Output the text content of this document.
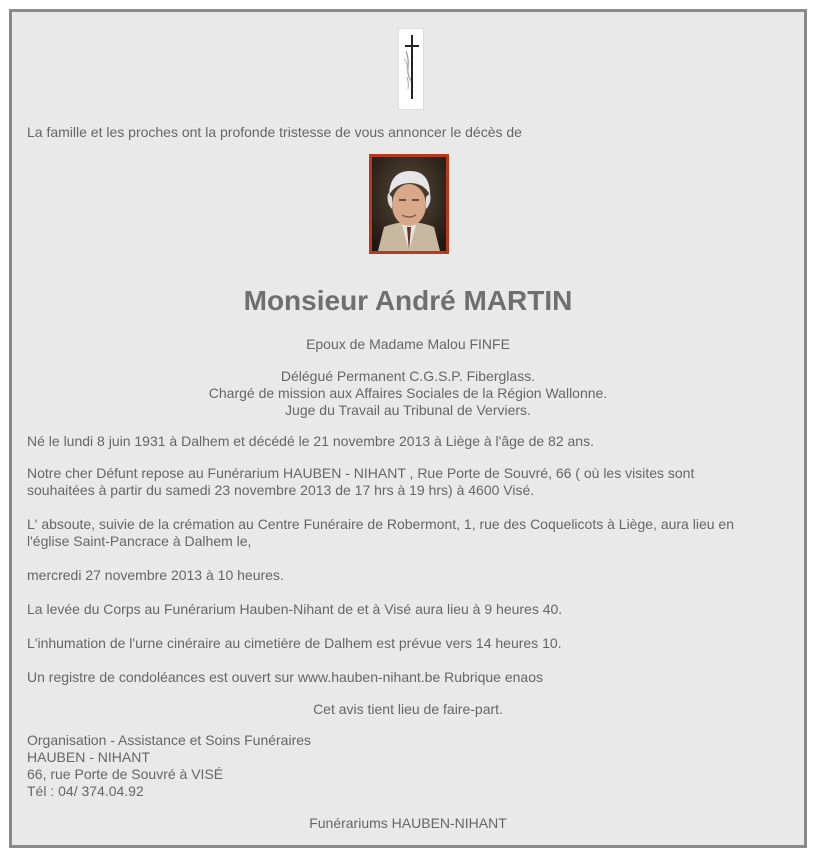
La famille et les proches ont la profonde tristesse de vous annoncer le décès de

Monsieur André MARTIN

Epoux de Madame Malou FINFE

Délégué Permanent C.G.S.P. Fiberglass.

Chargé de mission aux Affaires Sociales de la Région Wallonne.

Juge du Travail au Tribunal de Verviers.

Né le lundi 8 juin 1931 à Dalhem et décédé le 21 novembre 2013 à Liège à l'âge de 82 ans.

Notre cher Défunt repose au Funérarium HAUBEN - NIHANT , Rue Porte de Souvré, 66 ( où les visites sont

souhaitées à partir du samedi 23 novembre 2013 de 17 hrs à 19 hrs) à 4600 Visé.

L' absoute, suivie de la crémation au Centre Funéraire de Robermont, 1, rue des Coquelicots à Liège, aura lieu en

l'église Saint-Pancrace à Dalhem le,

mercredi 27 novembre 2013 à 10 heures.

La levée du Corps au Funérarium Hauben-Nihant de et à Visé aura lieu à 9 heures 40.

L'inhumation de l'urne cinéraire au cimetière de Dalhem est prévue vers 14 heures 10.

Un registre de condoléances est ouvert sur www.hauben-nihant.be Rubrique enaos

Cet avis tient lieu de faire-part.

Organisation - Assistance et Soins Funéraires

HAUBEN - NIHANT

66, rue Porte de Souvré à VISÉ

Tél : 04/ 374.04.92

Funérariums HAUBEN-NIHANT
